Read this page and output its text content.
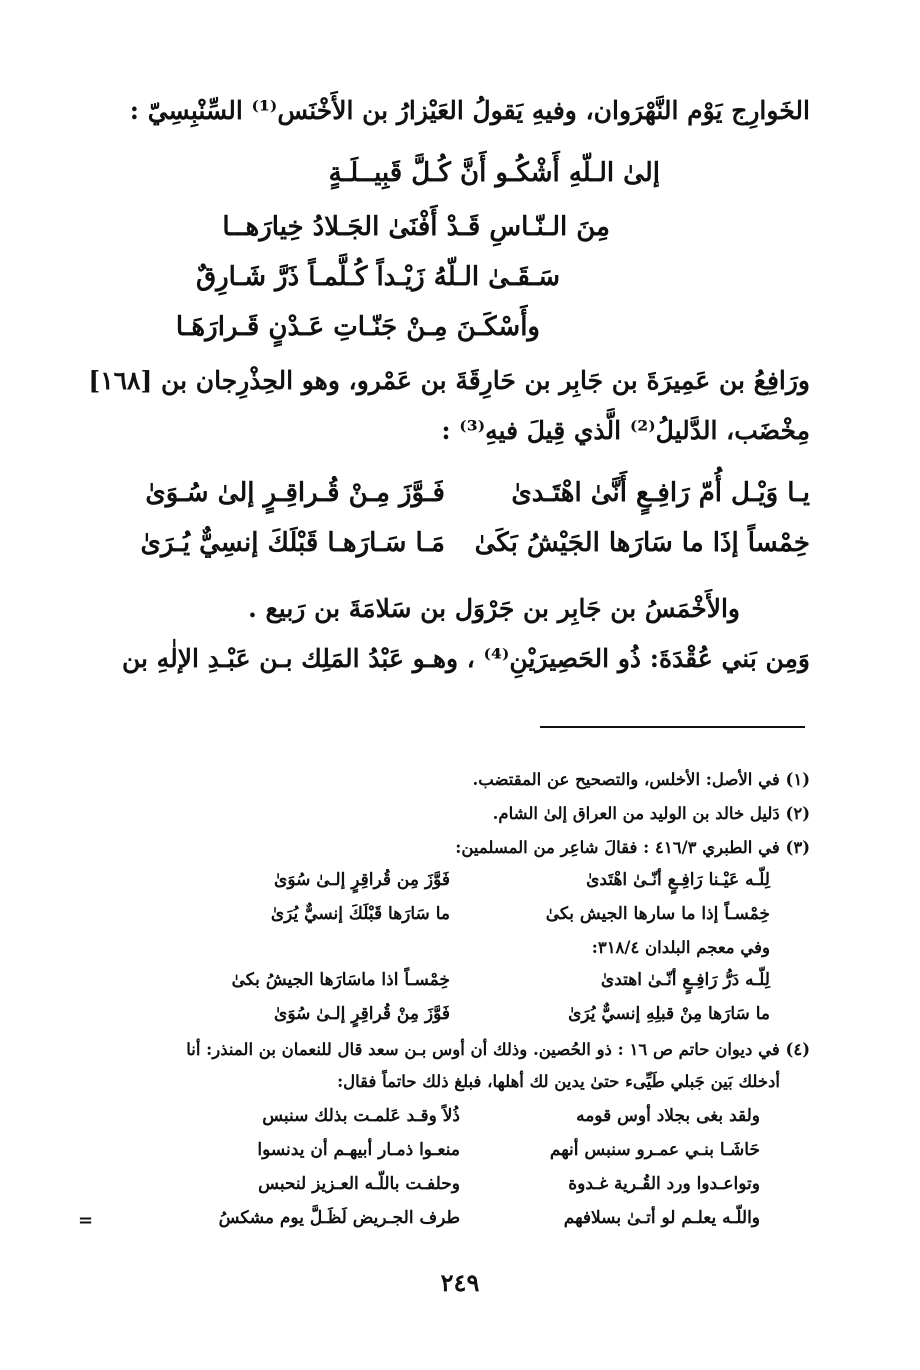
الخَوارِج يَوْم النَّهْرَوان، وفيهِ يَقولُ العَيْزارُ بن الأَخْنَس⁽¹⁾ السِّنْبِسِيّ :
إلىٰ الـلّهِ أَشْكُـو أَنَّ كُـلَّ قَبِيــلَـةٍ
مِنَ الـنّـاسِ قَـدْ أَفْنَىٰ الجَـلادُ خِيارَهــا
سَـقَـىٰ الـلّهُ زَيْـداً كُـلَّمـاً ذَرَّ شَـارِقٌ
وأَسْكَـنَ مِـنْ جَنّـاتِ عَـدْنٍ قَـرارَهَـا
ورَافِعُ بن عَمِيرَةَ بن جَابِر بن حَارِقَةَ بن عَمْرو، وهو الحِذْرِجان بن [١٦٨]
مِخْضَب، الدَّليلُ⁽²⁾ الَّذي قِيلَ فيهِ⁽³⁾ :
يـا وَيْـل أُمّ رَافِـعٍ أَنَّىٰ اهْتَـدىٰ
فَـوَّزَ مِـنْ قُـراقِـرٍ إلىٰ سُـوَىٰ
خِمْساً إذَا ما سَارَها الجَيْشُ بَكَىٰ
مَـا سَـارَهـا قَبْلَكَ إنسِيٌّ يُـرَىٰ
والأَخْمَسُ بن جَابِر بن جَرْوَل بن سَلامَةَ بن رَبيع .
وَمِن بَني عُقْدَةَ: ذُو الحَصِيرَيْنِ⁽⁴⁾ ، وهـو عَبْدُ المَلِك بـن عَبْـدِ الإلٰهِ بن
(١) في الأصل: الأخلس، والتصحيح عن المقتضب.
(٢) دَليل خالد بن الوليد من العراق إلىٰ الشام.
(٣) في الطبري ٤١٦/٣ : فقالَ شاعِر من المسلمين:
لِلّـه عَيْـنا رَافِـعٍ أنّـىٰ اهْتَدىٰ
فَوَّزَ مِن قُراقِرٍ إلـىٰ سُوَىٰ
خِمْسـاً إذا ما سارها الجيش بكىٰ
ما سَارَها قَبْلَكَ إنسيٌّ يُرَىٰ
وفي معجم البلدان ٣١٨/٤:
لِلّـه دَرُّ رَافِـعٍ أنّـىٰ اهتدىٰ
خِمْسـاً اذا ماسَارَها الجيشُ بكىٰ
ما سَارَها مِنْ قبلِهِ إنسيٌّ يُرَىٰ
فَوَّزَ مِنْ قُراقِرٍ إلـىٰ سُوَىٰ
(٤) في ديوان حاتم ص ١٦ : ذو الحُصين. وذلك أن أوس بـن سعد قال للنعمان بن المنذر: أنا
أدخلك بَين جَبلي طَيِّىء حتىٰ يدين لك أهلها، فبلغ ذلك حاتماً فقال:
ولقد بغى بجلاد أوس قومه
ذُلاً وقـد عَلمـت بذلك سنبس
حَاشَـا بنـي عمـرو سنبس أنهم
منعـوا ذمـار أبيهـم أن يدنسوا
وتواعـدوا ورد القُـرية غـدوة
وحلفـت باللّـه العـزيز لنحبس
واللّـه يعلـم لو أتـىٰ بسلافهم
طرف الجـريض لَظَـلَّ يوم مشكسُ
=
٢٤٩
